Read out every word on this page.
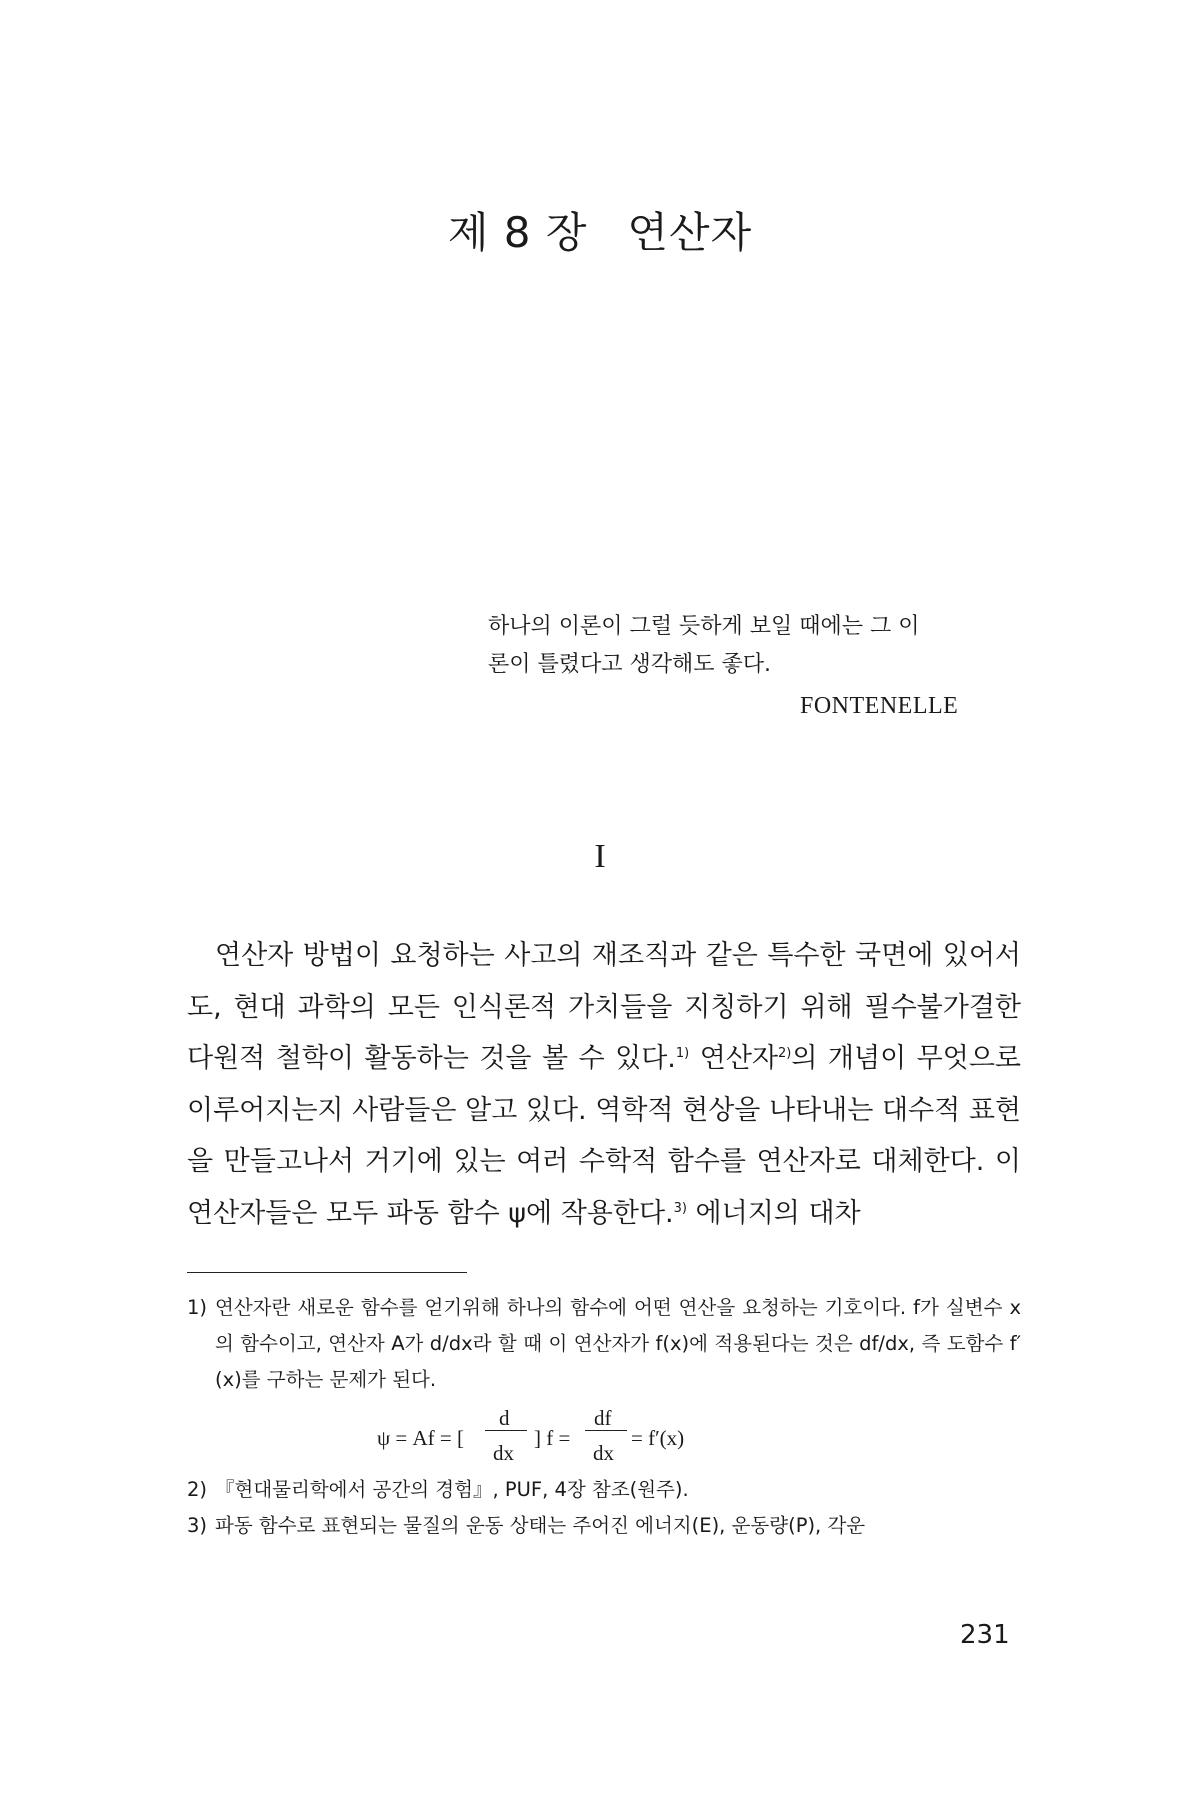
제 8 장 연산자

하나의 이론이 그럴 듯하게 보일 때에는 그 이

론이 틀렸다고 생각해도 좋다.

FONTENELLE
I

연산자 방법이 요청하는 사고의 재조직과 같은 특수한 국면에 있어서도, 현대 과학의 모든 인식론적 가치들을 지칭하기 위해 필수불가결한 다원적 철학이 활동하는 것을 볼 수 있다.$^{1)}$ 연산자$^{2)}$의 개념이 무엇으로 이루어지는지 사람들은 알고 있다. 역학적 현상을 나타내는 대수적 표현을 만들고나서 거기에 있는 여러 수학적 함수를 연산자로 대체한다. 이 연산자들은 모두 파동 함수 ψ에 작용한다.$^{3)}$ 에너지의 대차

1) 연산자란 새로운 함수를 얻기위해 하나의 함수에 어떤 연산을 요청하는 기호이다. f가 실변수 x의 함수이고, 연산자 A가 d/dx라 할 때 이 연산자가 f(x)에 적용된다는 것은 df/dx, 즉 도함수 f′(x)를 구하는 문제가 된다.
ψ = Af = [
d
dx
] f =
df
dx
= f′(x)
2) 『현대물리학에서 공간의 경험』, PUF, 4장 참조(원주).
3) 파동 함수로 표현되는 물질의 운동 상태는 주어진 에너지(E), 운동량(P), 각운
231
